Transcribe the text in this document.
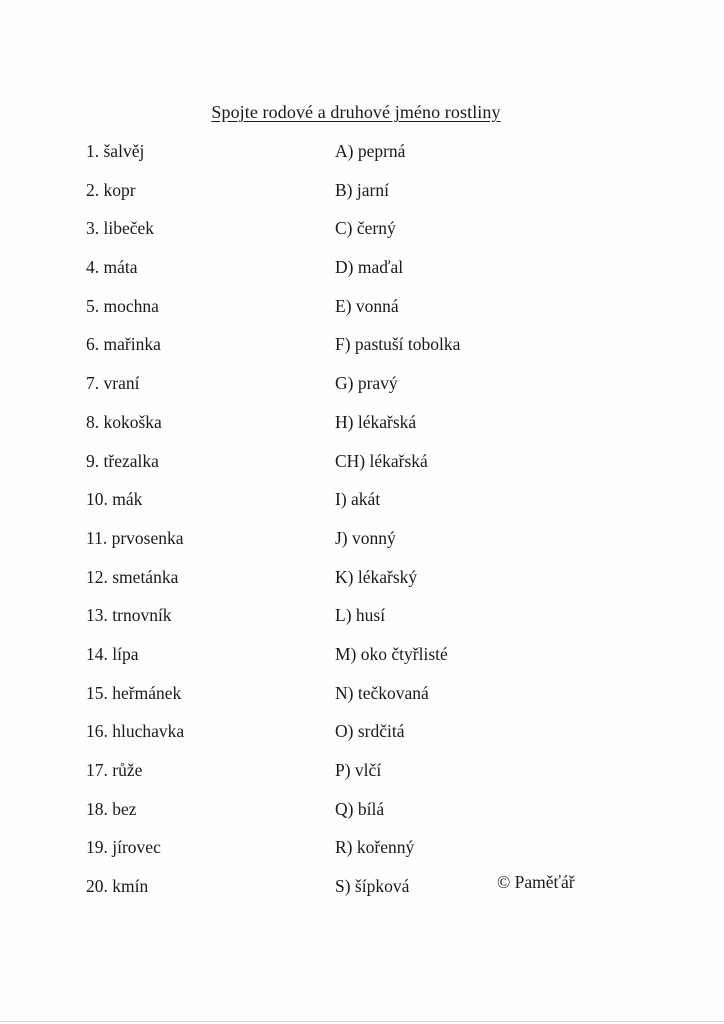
Spojte rodové a druhové jméno rostliny
1. šalvěj
2. kopr
3. libeček
4. máta
5. mochna
6. mařinka
7. vraní
8. kokoška
9. třezalka
10. mák
11. prvosenka
12. smetánka
13. trnovník
14. lípa
15. heřmánek
16. hluchavka
17. růže
18. bez
19. jírovec
20. kmín
A) peprná
B) jarní
C) černý
D) maďal
E) vonná
F) pastuší tobolka
G) pravý
H) lékařská
CH) lékařská
I) akát
J) vonný
K) lékařský
L) husí
M) oko čtyřlisté
N) tečkovaná
O) srdčitá
P) vlčí
Q) bílá
R) kořenný
S) šípková	© Paměťář
